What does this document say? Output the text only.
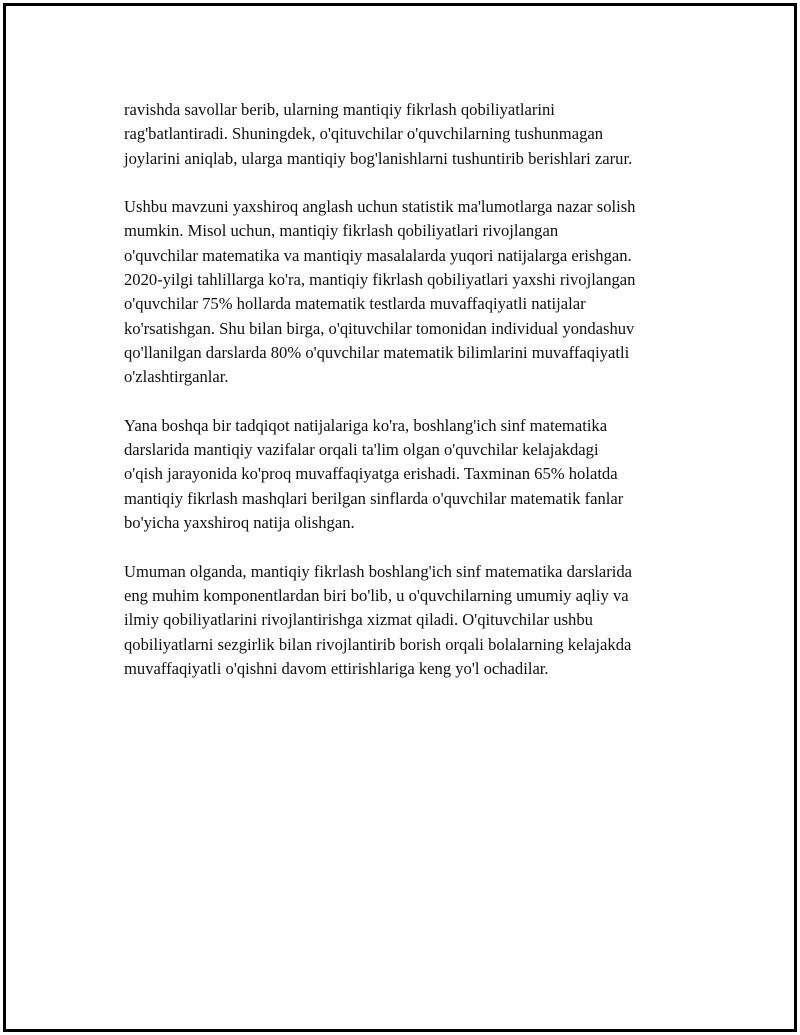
ravishda savollar berib, ularning mantiqiy fikrlash qobiliyatlarini
rag'batlantiradi. Shuningdek, o'qituvchilar o'quvchilarning tushunmagan
joylarini aniqlab, ularga mantiqiy bog'lanishlarni tushuntirib berishlari zarur.

Ushbu mavzuni yaxshiroq anglash uchun statistik ma'lumotlarga nazar solish
mumkin. Misol uchun, mantiqiy fikrlash qobiliyatlari rivojlangan
o'quvchilar matematika va mantiqiy masalalarda yuqori natijalarga erishgan.
2020-yilgi tahlillarga ko'ra, mantiqiy fikrlash qobiliyatlari yaxshi rivojlangan
o'quvchilar 75% hollarda matematik testlarda muvaffaqiyatli natijalar
ko'rsatishgan. Shu bilan birga, o'qituvchilar tomonidan individual yondashuv
qo'llanilgan darslarda 80% o'quvchilar matematik bilimlarini muvaffaqiyatli
o'zlashtirganlar.

Yana boshqa bir tadqiqot natijalariga ko'ra, boshlang'ich sinf matematika
darslarida mantiqiy vazifalar orqali ta'lim olgan o'quvchilar kelajakdagi
o'qish jarayonida ko'proq muvaffaqiyatga erishadi. Taxminan 65% holatda
mantiqiy fikrlash mashqlari berilgan sinflarda o'quvchilar matematik fanlar
bo'yicha yaxshiroq natija olishgan.

Umuman olganda, mantiqiy fikrlash boshlang'ich sinf matematika darslarida
eng muhim komponentlardan biri bo'lib, u o'quvchilarning umumiy aqliy va
ilmiy qobiliyatlarini rivojlantirishga xizmat qiladi. O'qituvchilar ushbu
qobiliyatlarni sezgirlik bilan rivojlantirib borish orqali bolalarning kelajakda
muvaffaqiyatli o'qishni davom ettirishlariga keng yo'l ochadilar.
